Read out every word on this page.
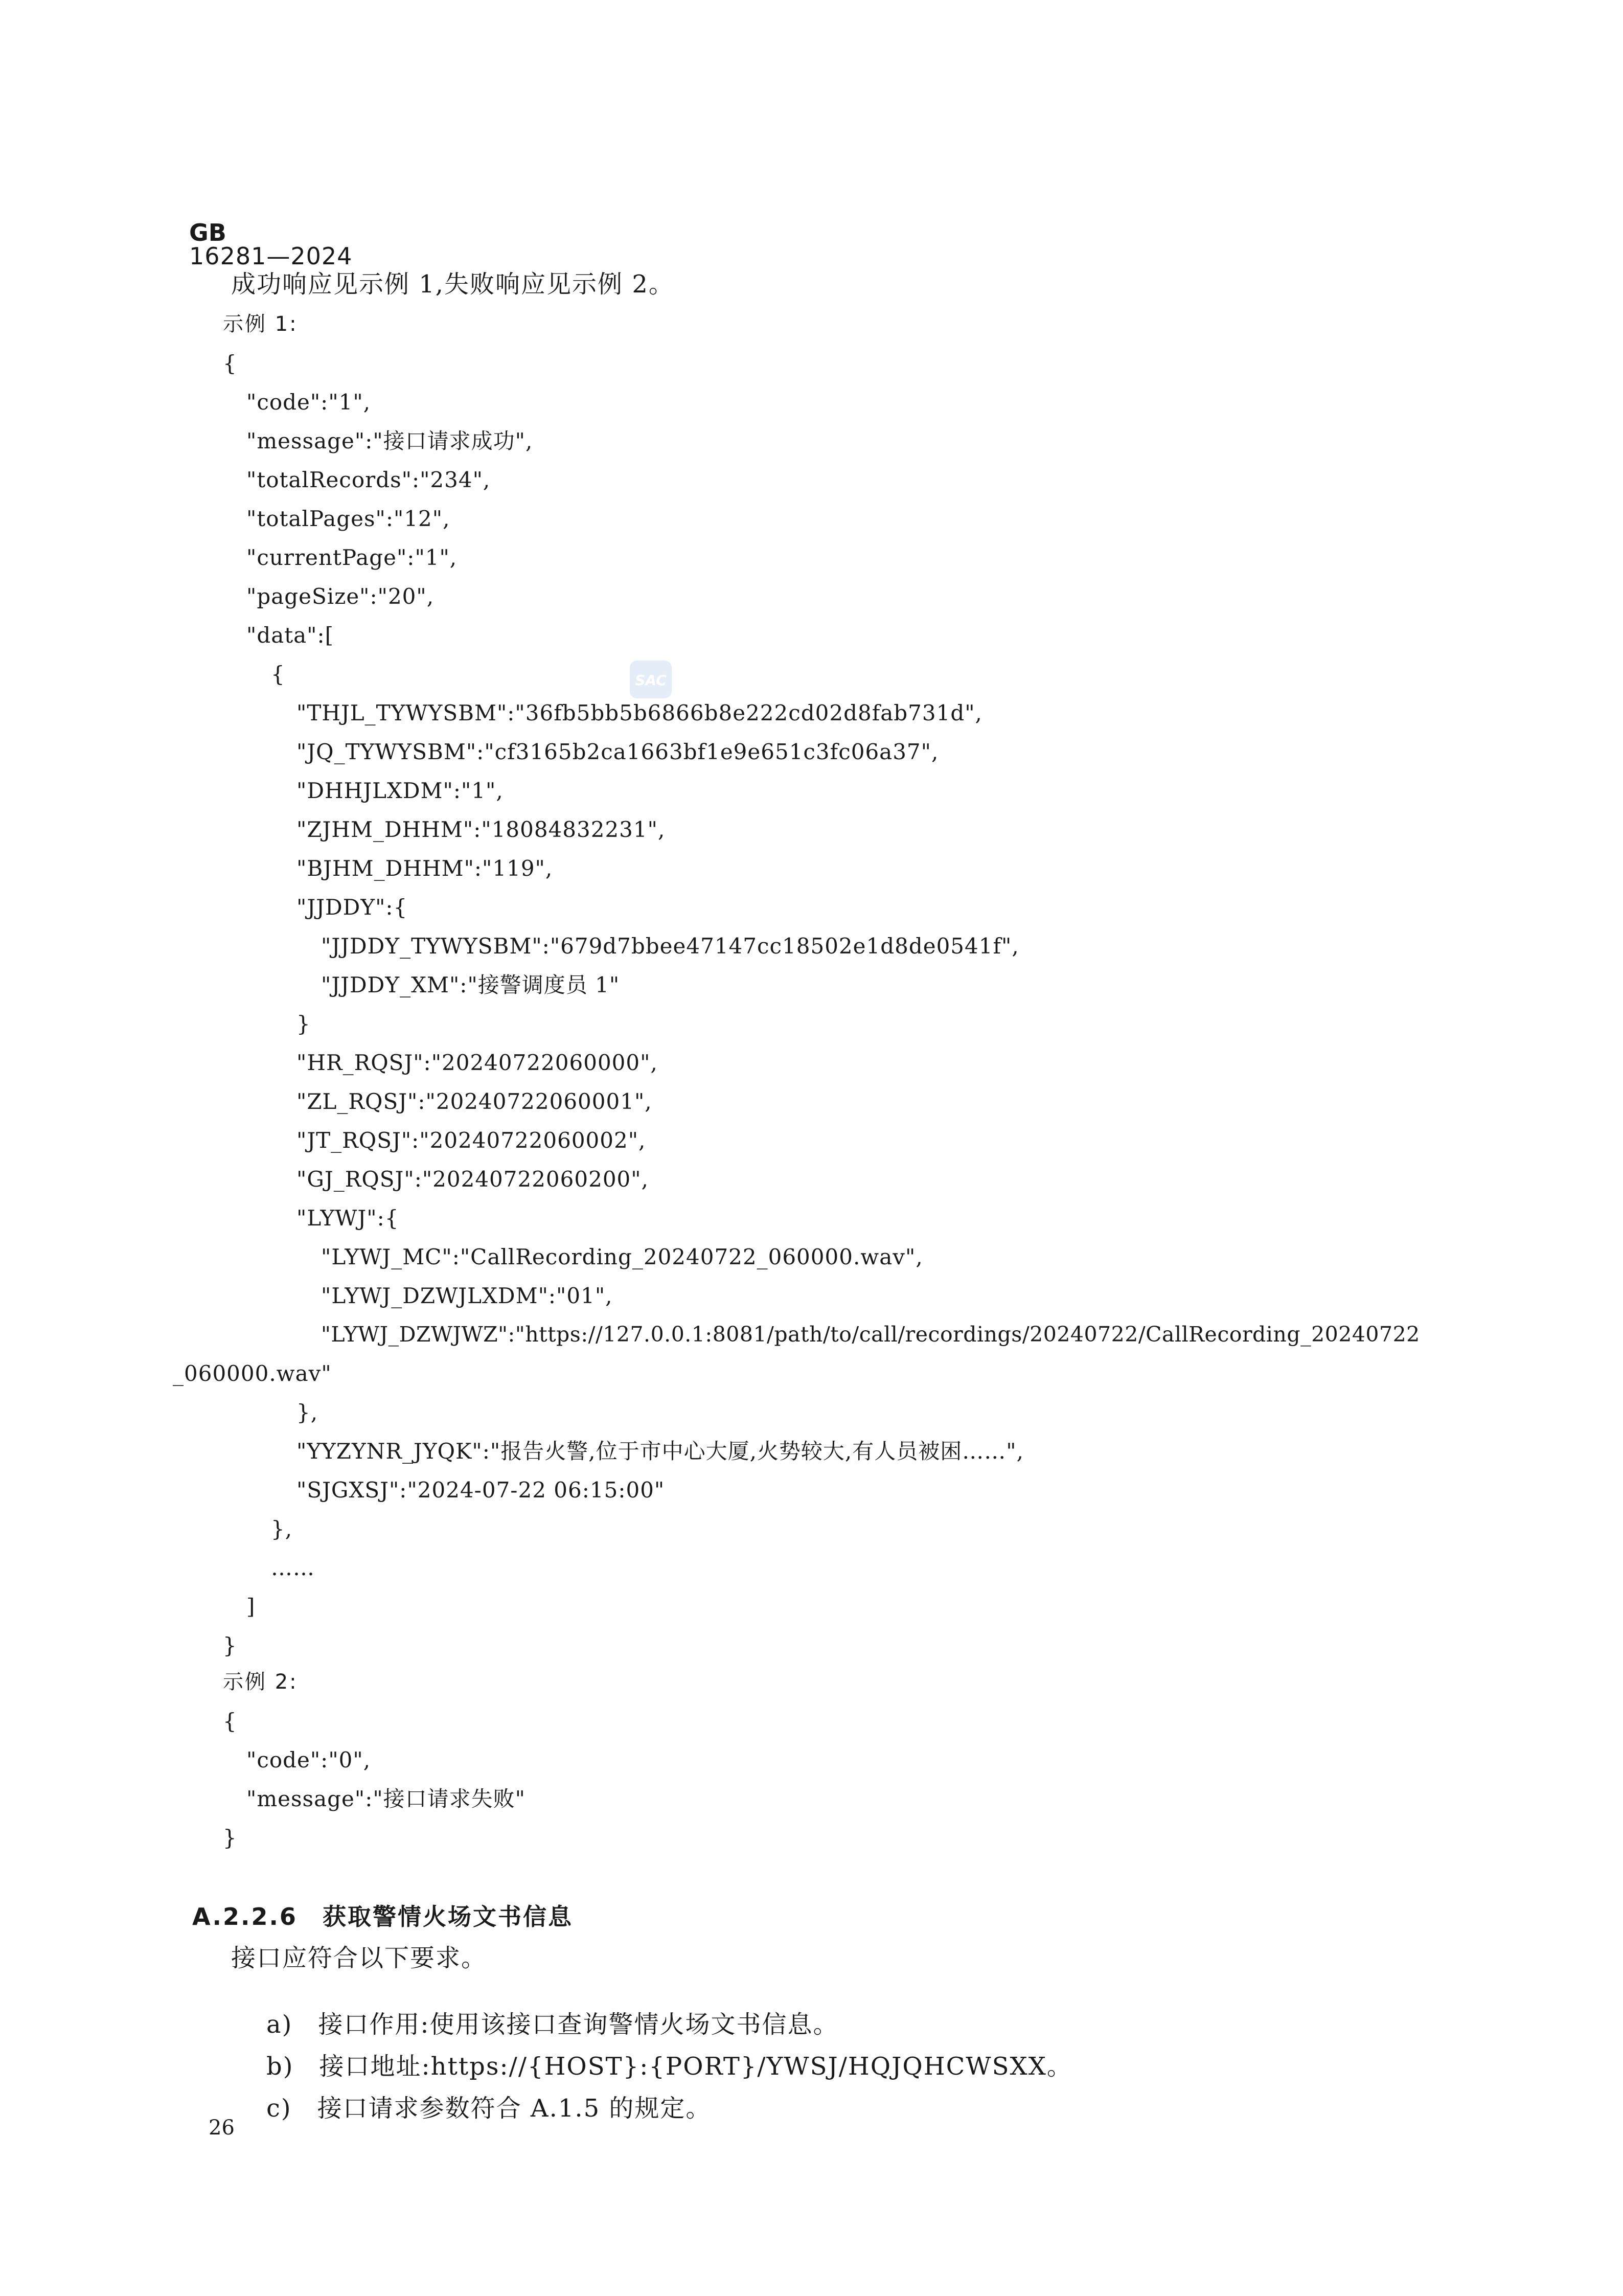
GB
16281—2024

成功响应见示例 1,失败响应见示例 2。
示例 1:
{
"code":"1",
"message":"接口请求成功",
"totalRecords":"234",
"totalPages":"12",
"currentPage":"1",
"pageSize":"20",
"data":[
{
"THJL_TYWYSBM":"36fb5bb5b6866b8e222cd02d8fab731d",
"JQ_TYWYSBM":"cf3165b2ca1663bf1e9e651c3fc06a37",
"DHHJLXDM":"1",
"ZJHM_DHHM":"18084832231",
"BJHM_DHHM":"119",
"JJDDY":{
"JJDDY_TYWYSBM":"679d7bbee47147cc18502e1d8de0541f",
"JJDDY_XM":"接警调度员 1"
}
"HR_RQSJ":"20240722060000",
"ZL_RQSJ":"20240722060001",
"JT_RQSJ":"20240722060002",
"GJ_RQSJ":"20240722060200",
"LYWJ":{
"LYWJ_MC":"CallRecording_20240722_060000.wav",
"LYWJ_DZWJLXDM":"01",
"LYWJ_DZWJWZ":"https://127.0.0.1:8081/path/to/call/recordings/20240722/CallRecording_20240722
_060000.wav"
},
"YYZYNR_JYQK":"报告火警,位于市中心大厦,火势较大,有人员被困……",
"SJGXSJ":"2024-07-22 06:15:00"
},
……
]
}
示例 2:
{
"code":"0",
"message":"接口请求失败"
}

A.2.2.6  获取警情火场文书信息

接口应符合以下要求。

a)  接口作用:使用该接口查询警情火场文书信息。

b)  接口地址:https://{HOST}:{PORT}/YWSJ/HQJQHCWSXX。

c)  接口请求参数符合 A.1.5 的规定。

26
SAC
